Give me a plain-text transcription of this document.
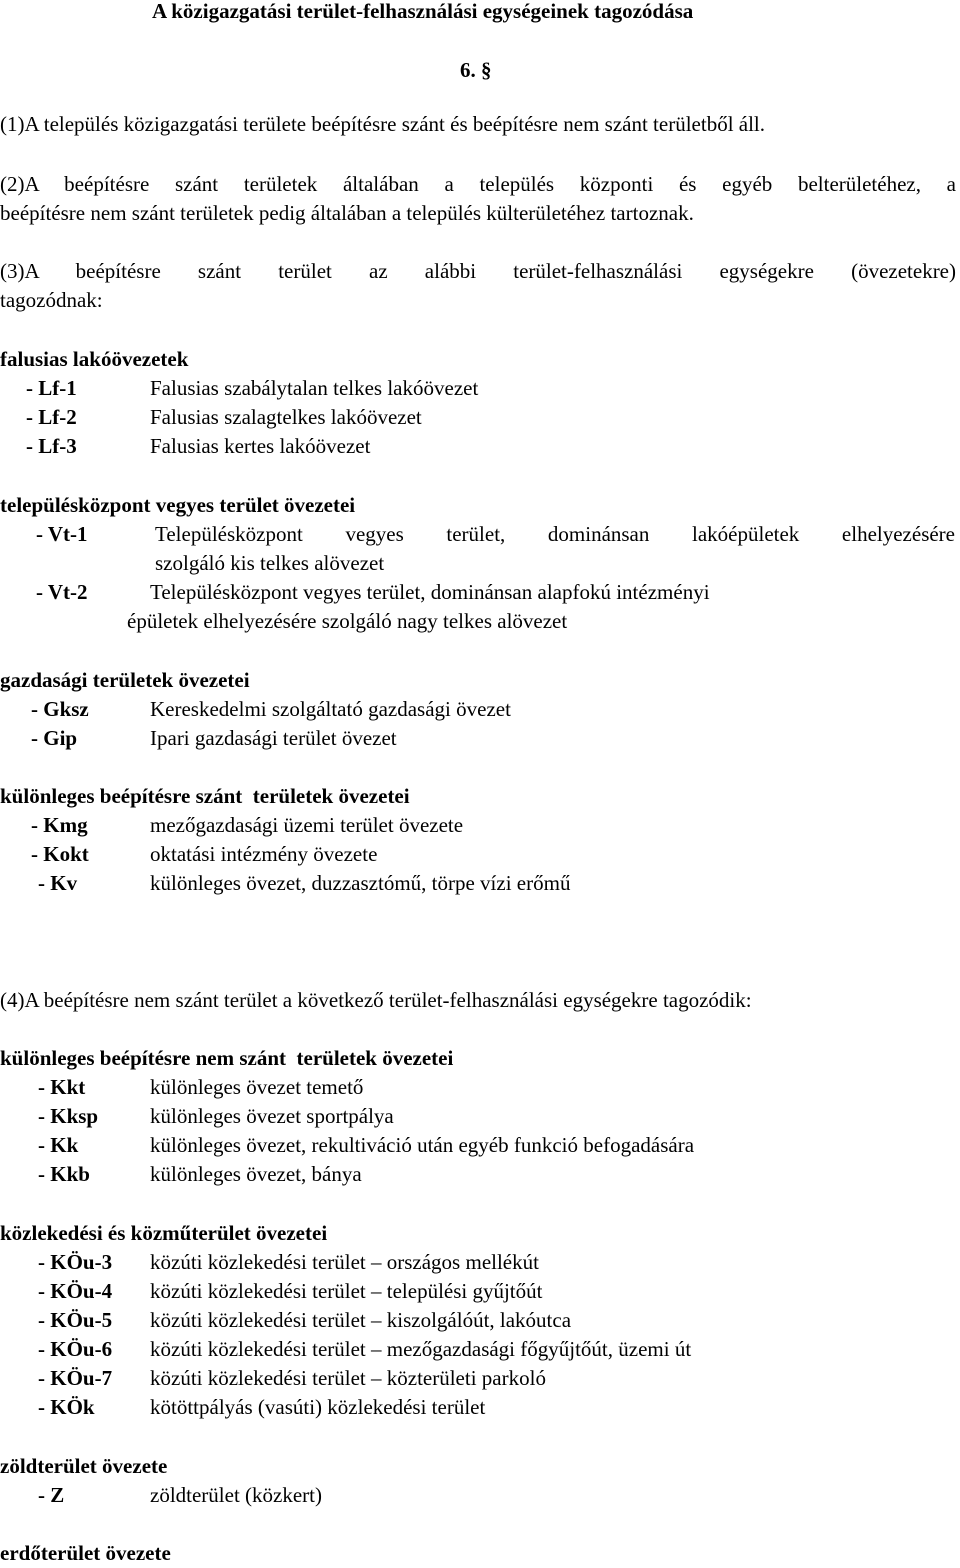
A közigazgatási terület-felhasználási egységeinek tagozódása
6. §
(1)A település közigazgatási területe beépítésre szánt és beépítésre nem szánt területből áll.
(2)A beépítésre szánt területek általában a település központi és egyéb belterületéhez, a
beépítésre nem szánt területek pedig általában a település külterületéhez tartoznak.
(3)A beépítésre szánt terület az alábbi terület-felhasználási egységekre (övezetekre)
tagozódnak:
falusias lakóövezetek
- Lf-1	Falusias szabálytalan telkes lakóövezet
- Lf-2	Falusias szalagtelkes lakóövezet
- Lf-3	Falusias kertes lakóövezet
településközpont vegyes terület övezetei
- Vt-1	Településközpont vegyes terület, dominánsan lakóépületek elhelyezésére
szolgáló kis telkes alövezet
- Vt-2	Településközpont vegyes terület, dominánsan alapfokú intézményi
épületek elhelyezésére szolgáló nagy telkes alövezet
gazdasági területek övezetei
- Gksz	Kereskedelmi szolgáltató gazdasági övezet
- Gip	Ipari gazdasági terület övezet
különleges beépítésre szánt  területek övezetei
- Kmg	mezőgazdasági üzemi terület övezete
- Kokt	oktatási intézmény övezete
- Kv	különleges övezet, duzzasztómű, törpe vízi erőmű
(4)A beépítésre nem szánt terület a következő terület-felhasználási egységekre tagozódik:
különleges beépítésre nem szánt  területek övezetei
- Kkt	különleges övezet temető
- Kksp különleges övezet sportpálya
- Kk	különleges övezet, rekultiváció után egyéb funkció befogadására
- Kkb	különleges övezet, bánya
közlekedési és közműterület övezetei
- KÖu-3 közúti közlekedési terület – országos mellékút
- KÖu-4 közúti közlekedési terület – települési gyűjtőút
- KÖu-5 közúti közlekedési terület – kiszolgálóút, lakóutca
- KÖu-6 közúti közlekedési terület – mezőgazdasági főgyűjtőút, üzemi út
- KÖu-7 közúti közlekedési terület – közterületi parkoló
- KÖk	kötöttpályás (vasúti) közlekedési terület
zöldterület övezete
- Z	zöldterület (közkert)
erdőterület övezete
